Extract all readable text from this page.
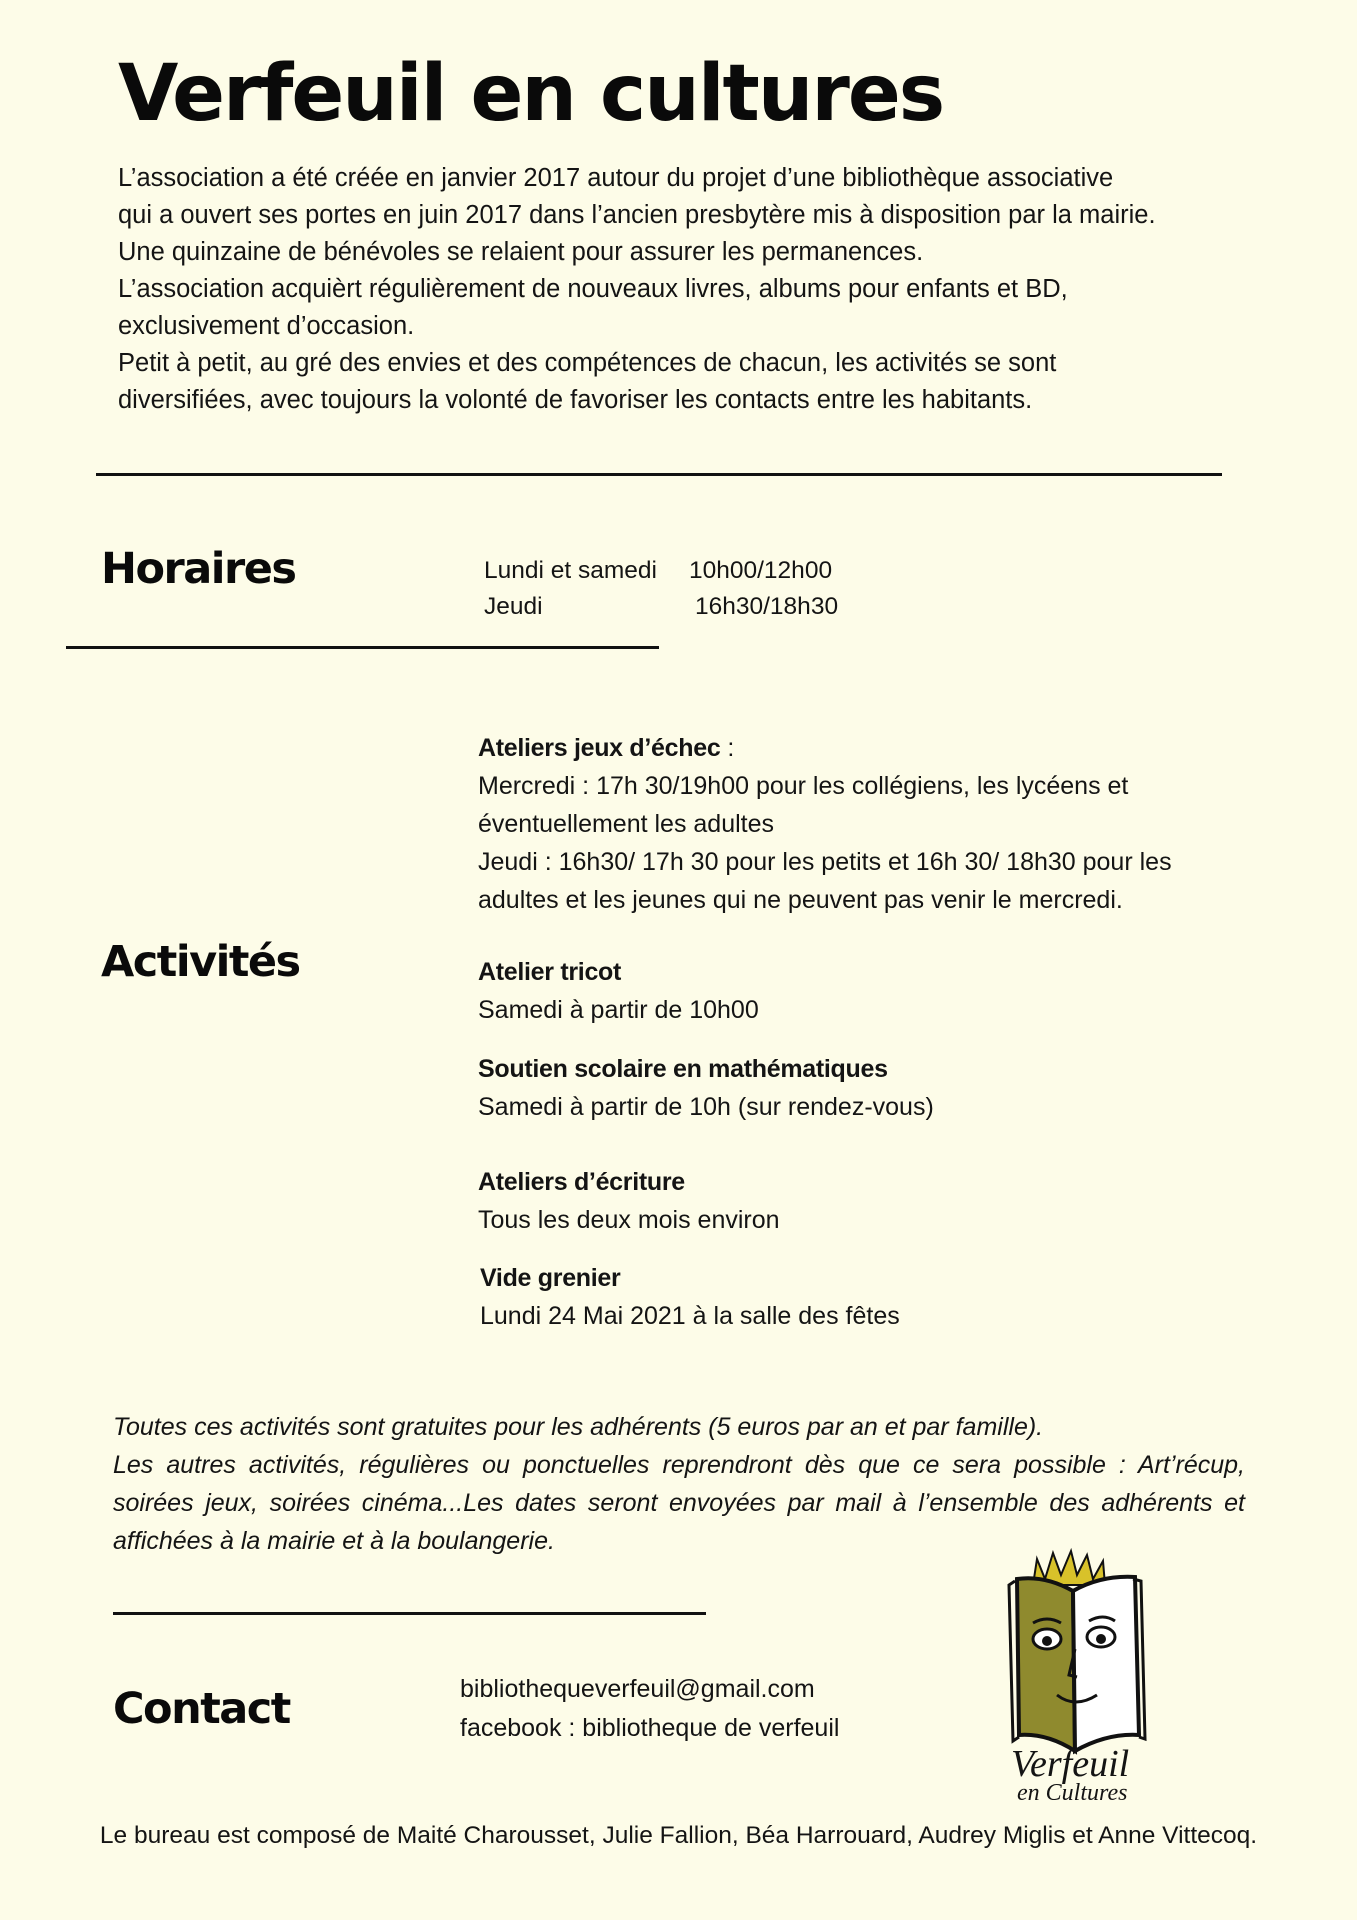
Verfeuil en cultures

L’association a été créée en janvier 2017 autour du projet d’une bibliothèque associative

qui a ouvert ses portes en juin 2017 dans l’ancien presbytère mis à disposition par la mairie.

Une quinzaine de bénévoles se relaient pour assurer les permanences.

L’association acquièrt régulièrement de nouveaux livres, albums pour enfants et BD,

exclusivement d’occasion.

Petit à petit, au gré des envies et des compétences de chacun, les activités se sont

diversifiées, avec toujours la volonté de favoriser les contacts entre les habitants.

Horaires	Lundi et samedi	10h00/12h00
Jeudi	16h30/18h30
Activités

Ateliers jeux d’échec :

Mercredi : 17h 30/19h00 pour les collégiens, les lycéens et

éventuellement les adultes

Jeudi : 16h30/ 17h 30 pour les petits et 16h 30/ 18h30 pour les

adultes et les jeunes qui ne peuvent pas venir le mercredi.

Atelier tricot

Samedi à partir de 10h00

Soutien scolaire en mathématiques

Samedi à partir de 10h (sur rendez-vous)

Ateliers d’écriture

Tous les deux mois environ

Vide grenier

Lundi 24 Mai 2021 à la salle des fêtes

Toutes ces activités sont gratuites pour les adhérents (5 euros par an et par famille).

Les autres activités, régulières ou ponctuelles reprendront dès que ce sera possible : Art’récup, soirées jeux, soirées cinéma...Les dates seront envoyées par mail à l’ensemble des adhérents et affichées à la mairie et à la boulangerie.

Contact	bibliotheque​verfeuil@gmail.com
facebook : bibliotheque de verfeuil
Verfeuil
en Cultures
Le bureau est composé de Maité Charousset, Julie Fallion, Béa Harrouard, Audrey Miglis et Anne Vittecoq.
